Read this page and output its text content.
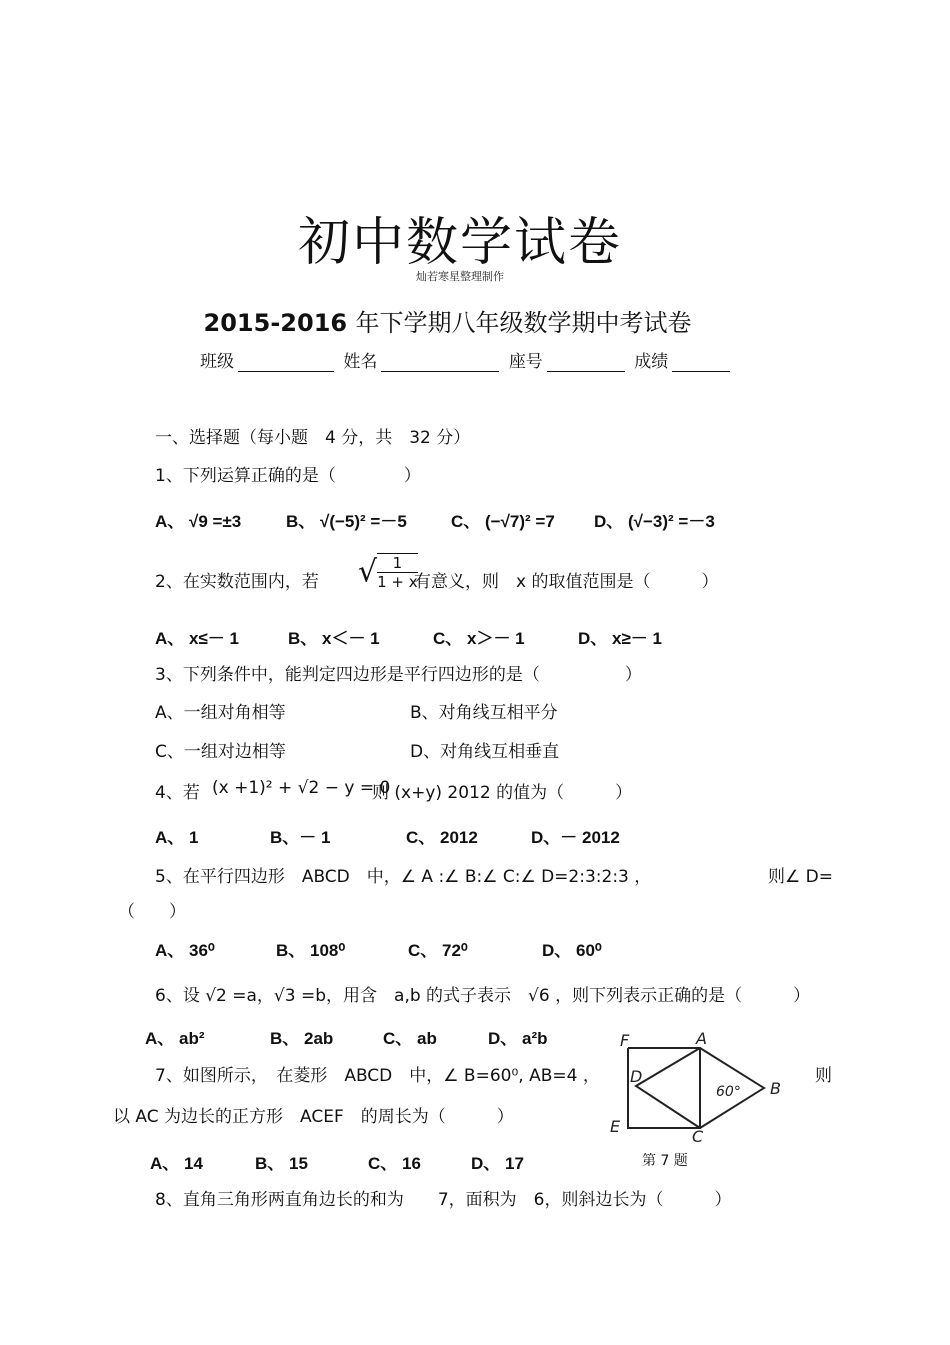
初中数学试卷
灿若寒星整理制作
2015-2016 年下学期八年级数学期中考试卷
班级	姓名	座号	成绩
一、选择题（每小题　4 分，共　32 分）
1、下列运算正确的是（　　　　）
A、 √9 =±3	B、 √(−5)² =－5	C、 (−√7)² =7 D、 (√−3)² =－3
2、在实数范围内，若 √ $\frac{1}{1 + x}$
有意义，则　x 的取值范围是（　　　）
A、 x≤－ 1	B、 x＜－ 1	C、 x＞－ 1	D、 x≥－ 1
3、下列条件中，能判定四边形是平行四边形的是（　　　　　）
A、一组对角相等	B、对角线互相平分
C、一组对边相等	D、对角线互相垂直
4、若 (x +1)² + √2 − y = 0
则 (x+y) 2012 的值为（　　　）
A、 1	B、－ 1	C、 2012	D、－ 2012
5、在平行四边形　ABCD　中，∠ A :∠ B:∠ C:∠ D=2:3:2:3 ，	则∠ D=
（　　）
A、 36⁰	B、 108⁰	C、 72⁰	D、 60⁰
6、设 √2 =a，√3 =b，用含　a,b 的式子表示　√6 ，则下列表示正确的是（　　　）
A、 ab²	B、 2ab	C、 ab	D、 a²b
7、如图所示，　在菱形　ABCD　中，∠ B=60⁰, AB=4 ，	则
以 AC 为边长的正方形　ACEF　的周长为（　　　）
A、 14	B、 15	C、 16	D、 17
F	A
D
60° B
E
C
第 7 题
8、直角三角形两直角边长的和为　　7，面积为　6，则斜边长为（　　　）
